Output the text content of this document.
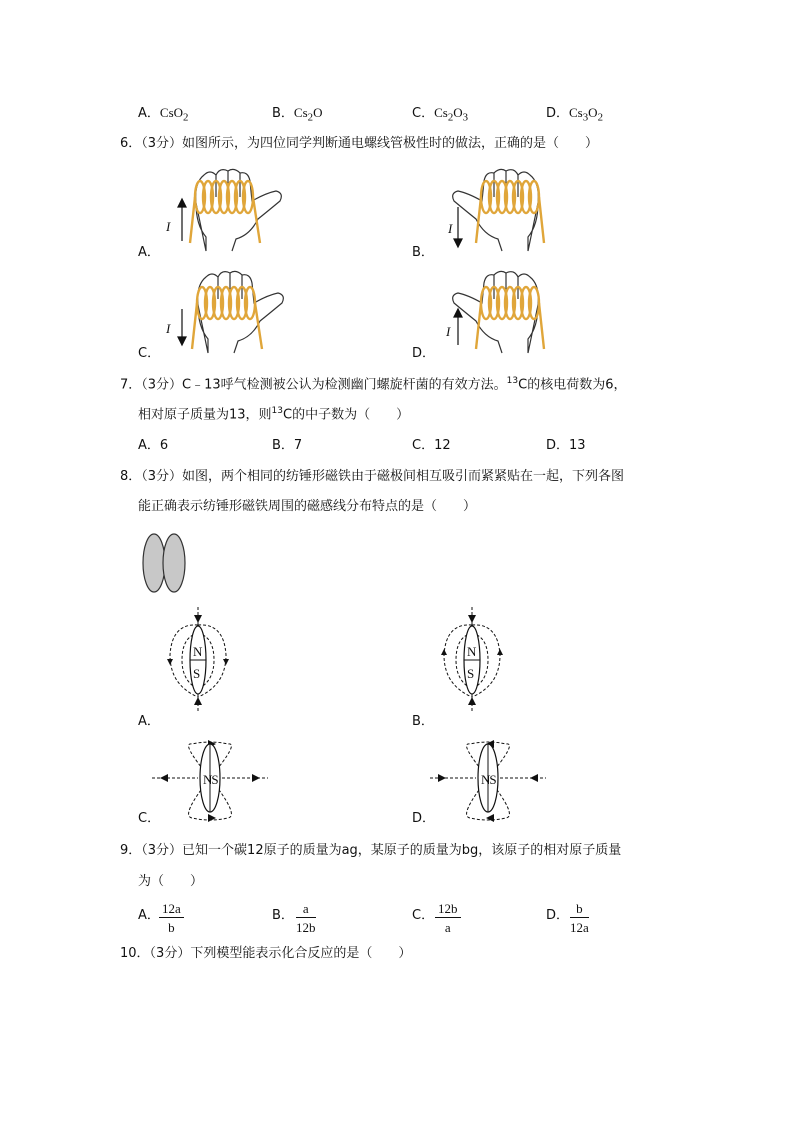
A．CsO$_2$	B．$Cs_2O$	C．$Cs_2O_3$	D．$Cs_3O_2$
6．（3分）如图所示，为四位同学判断通电螺线管极性时的做法，正确的是（　　）
I
A．
I
B．
I
C．
I
D．
7．（3分）C﹣13呼气检测被公认为检测幽门螺旋杆菌的有效方法。$^{13}$C的核电荷数为6，
相对原子质量为13，则$^{13}$C的中子数为（　　）
A．6	B．7	C．12	D．13
8．（3分）如图，两个相同的纺锤形磁铁由于磁极间相互吸引而紧紧贴在一起，下列各图
能正确表示纺锤形磁铁周围的磁感线分布特点的是（　　）
N
S
A．
N
S
B．
NS
C．
NS
D．
9．（3分）已知一个碳12原子的质量为ag，某原子的质量为bg，该原子的相对原子质量
为（　　）
A． $\frac{12a}{b}$	B． $\frac{a}{12b}$	C． $\frac{12b}{a}$	D． $\frac{b}{12a}$
10．（3分）下列模型能表示化合反应的是（　　）
